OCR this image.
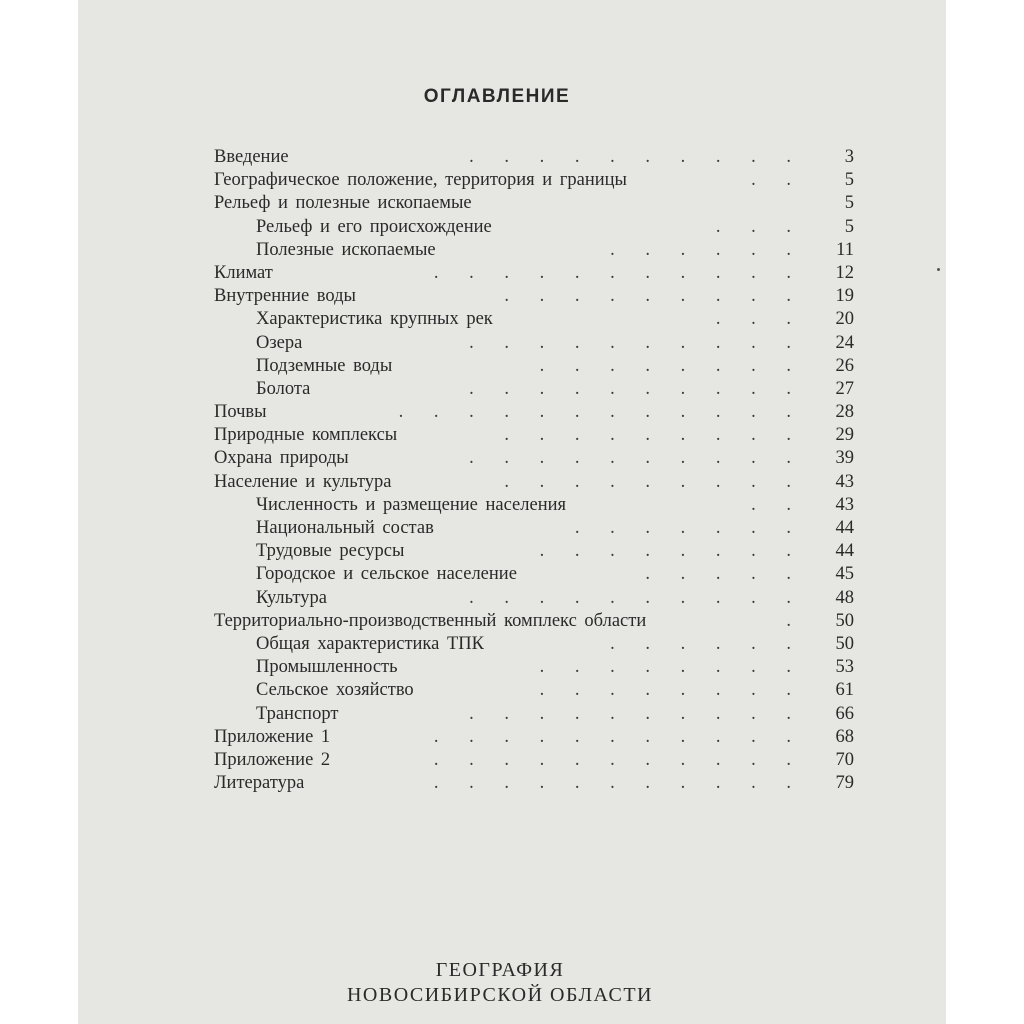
ОГЛАВЛЕНИЕ
Введение	. . . . . . . . . .	3
Географическое положение, территория и границы	. .	5
Рельеф и полезные ископаемые	5
Рельеф и его происхождение	. . .	5
Полезные ископаемые	. . . . . .	11
Климат	. . . . . . . . . . .	12
Внутренние воды	. . . . . . . . .	19
Характеристика крупных рек	. . .	20
Озера	. . . . . . . . . .	24
Подземные воды	. . . . . . . .	26
Болота	. . . . . . . . . .	27
Почвы	. . . . . . . . . . . .	28
Природные комплексы	. . . . . . . . .	29
Охрана природы	. . . . . . . . . .	39
Население и культура	. . . . . . . . .	43
Численность и размещение населения	. .	43
Национальный состав	. . . . . . .	44
Трудовые ресурсы	. . . . . . . .	44
Городское и сельское население	. . . . .	45
Культура	. . . . . . . . . .	48
Территориально-производственный комплекс области	.	50
Общая характеристика ТПК	. . . . . .	50
Промышленность	. . . . . . . .	53
Сельское хозяйство	. . . . . . . .	61
Транспорт	. . . . . . . . . .	66
Приложение 1	. . . . . . . . . . .	68
Приложение 2	. . . . . . . . . . .	70
Литература	. . . . . . . . . . .	79
ГЕОГРАФИЯ
НОВОСИБИРСКОЙ ОБЛАСТИ
